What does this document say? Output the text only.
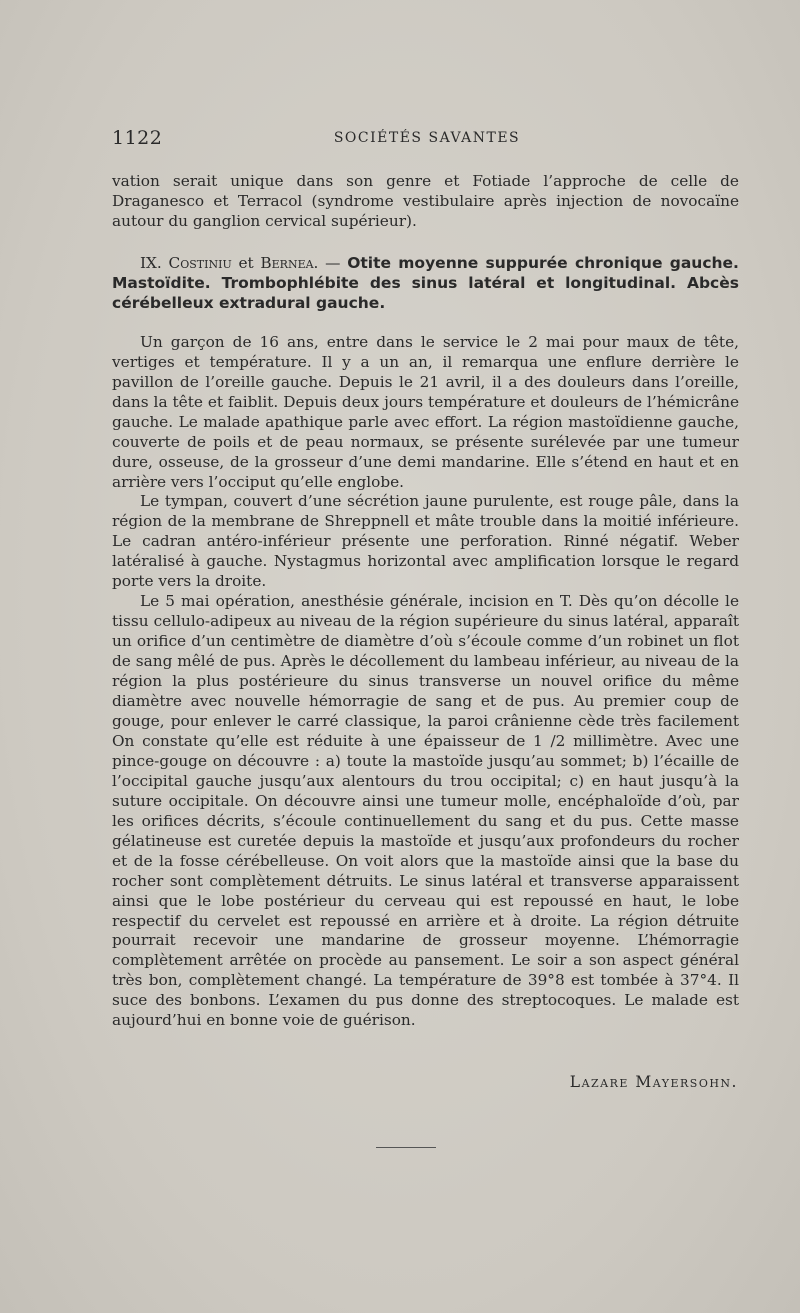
1122	SOCIÉTÉS SAVANTES

vation serait unique dans son genre et Fotiade l’approche de celle de Draganesco et Terracol (syndrome vestibulaire après injection de novocaïne autour du ganglion cervical supérieur).

IX. Costiniu et Bernea. — Otite moyenne suppurée chronique gauche. Mastoïdite. Trombophlébite des sinus latéral et longitudinal. Abcès cérébelleux extradural gauche.

Un garçon de 16 ans, entre dans le service le 2 mai pour maux de tête, vertiges et température. Il y a un an, il remarqua une enflure derrière le pavillon de l’oreille gauche. Depuis le 21 avril, il a des douleurs dans l’oreille, dans la tête et faiblit. Depuis deux jours température et douleurs de l’hémicrâne gauche. Le malade apathique parle avec effort. La région mastoïdienne gauche, couverte de poils et de peau normaux, se présente surélevée par une tumeur dure, osseuse, de la grosseur d’une demi mandarine. Elle s’étend en haut et en arrière vers l’occiput qu’elle englobe.

Le tympan, couvert d’une sécrétion jaune purulente, est rouge pâle, dans la région de la membrane de Shreppnell et mâte trouble dans la moitié inférieure. Le cadran antéro-inférieur présente une perforation. Rinné négatif. Weber latéralisé à gauche. Nystagmus horizontal avec amplification lorsque le regard porte vers la droite.

Le 5 mai opération, anesthésie générale, incision en T. Dès qu’on décolle le tissu cellulo-adipeux au niveau de la région supérieure du sinus latéral, apparaît un orifice d’un centimètre de diamètre d’où s’écoule comme d’un robinet un flot de sang mêlé de pus. Après le décollement du lambeau inférieur, au niveau de la région la plus postérieure du sinus transverse un nouvel orifice du même diamètre avec nouvelle hémorragie de sang et de pus. Au premier coup de gouge, pour enlever le carré classique, la paroi crânienne cède très facilement On constate qu’elle est réduite à une épaisseur de 1 /2 millimètre. Avec une pince-gouge on découvre : a) toute la mastoïde jusqu’au sommet; b) l’écaille de l’occipital gauche jusqu’aux alentours du trou occipital; c) en haut jusqu’à la suture occipitale. On découvre ainsi une tumeur molle, encéphaloïde d’où, par les orifices décrits, s’écoule continuellement du sang et du pus. Cette masse gélatineuse est curetée depuis la mastoïde et jusqu’aux profondeurs du rocher et de la fosse cérébelleuse. On voit alors que la mastoïde ainsi que la base du rocher sont complètement détruits. Le sinus latéral et transverse apparaissent ainsi que le lobe postérieur du cerveau qui est repoussé en haut, le lobe respectif du cervelet est repoussé en arrière et à droite. La région détruite pourrait recevoir une mandarine de grosseur moyenne. L’hémorragie complètement arrêtée on procède au pansement. Le soir a son aspect général très bon, complètement changé. La température de 39°8 est tombée à 37°4. Il suce des bonbons. L’examen du pus donne des streptocoques. Le malade est aujourd’hui en bonne voie de guérison.

Lazare Mayersohn.
